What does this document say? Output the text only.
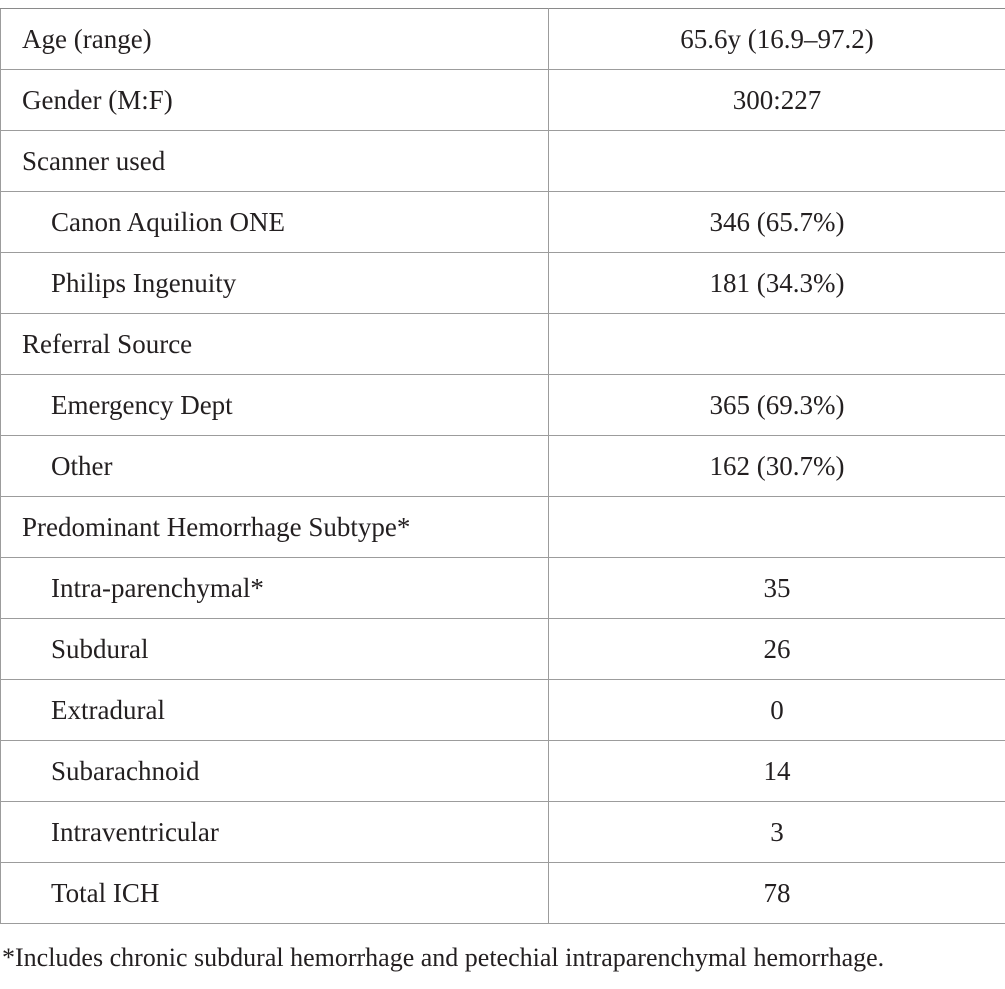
Age (range)	65.6y (16.9–97.2)
Gender (M:F)	300:227
Scanner used	
Canon Aquilion ONE	346 (65.7%)
Philips Ingenuity	181 (34.3%)
Referral Source	
Emergency Dept	365 (69.3%)
Other	162 (30.7%)
Predominant Hemorrhage Subtype*	
Intra-parenchymal*	35
Subdural	26
Extradural	0
Subarachnoid	14
Intraventricular	3
Total ICH	78
*Includes chronic subdural hemorrhage and petechial intraparenchymal hemorrhage.
